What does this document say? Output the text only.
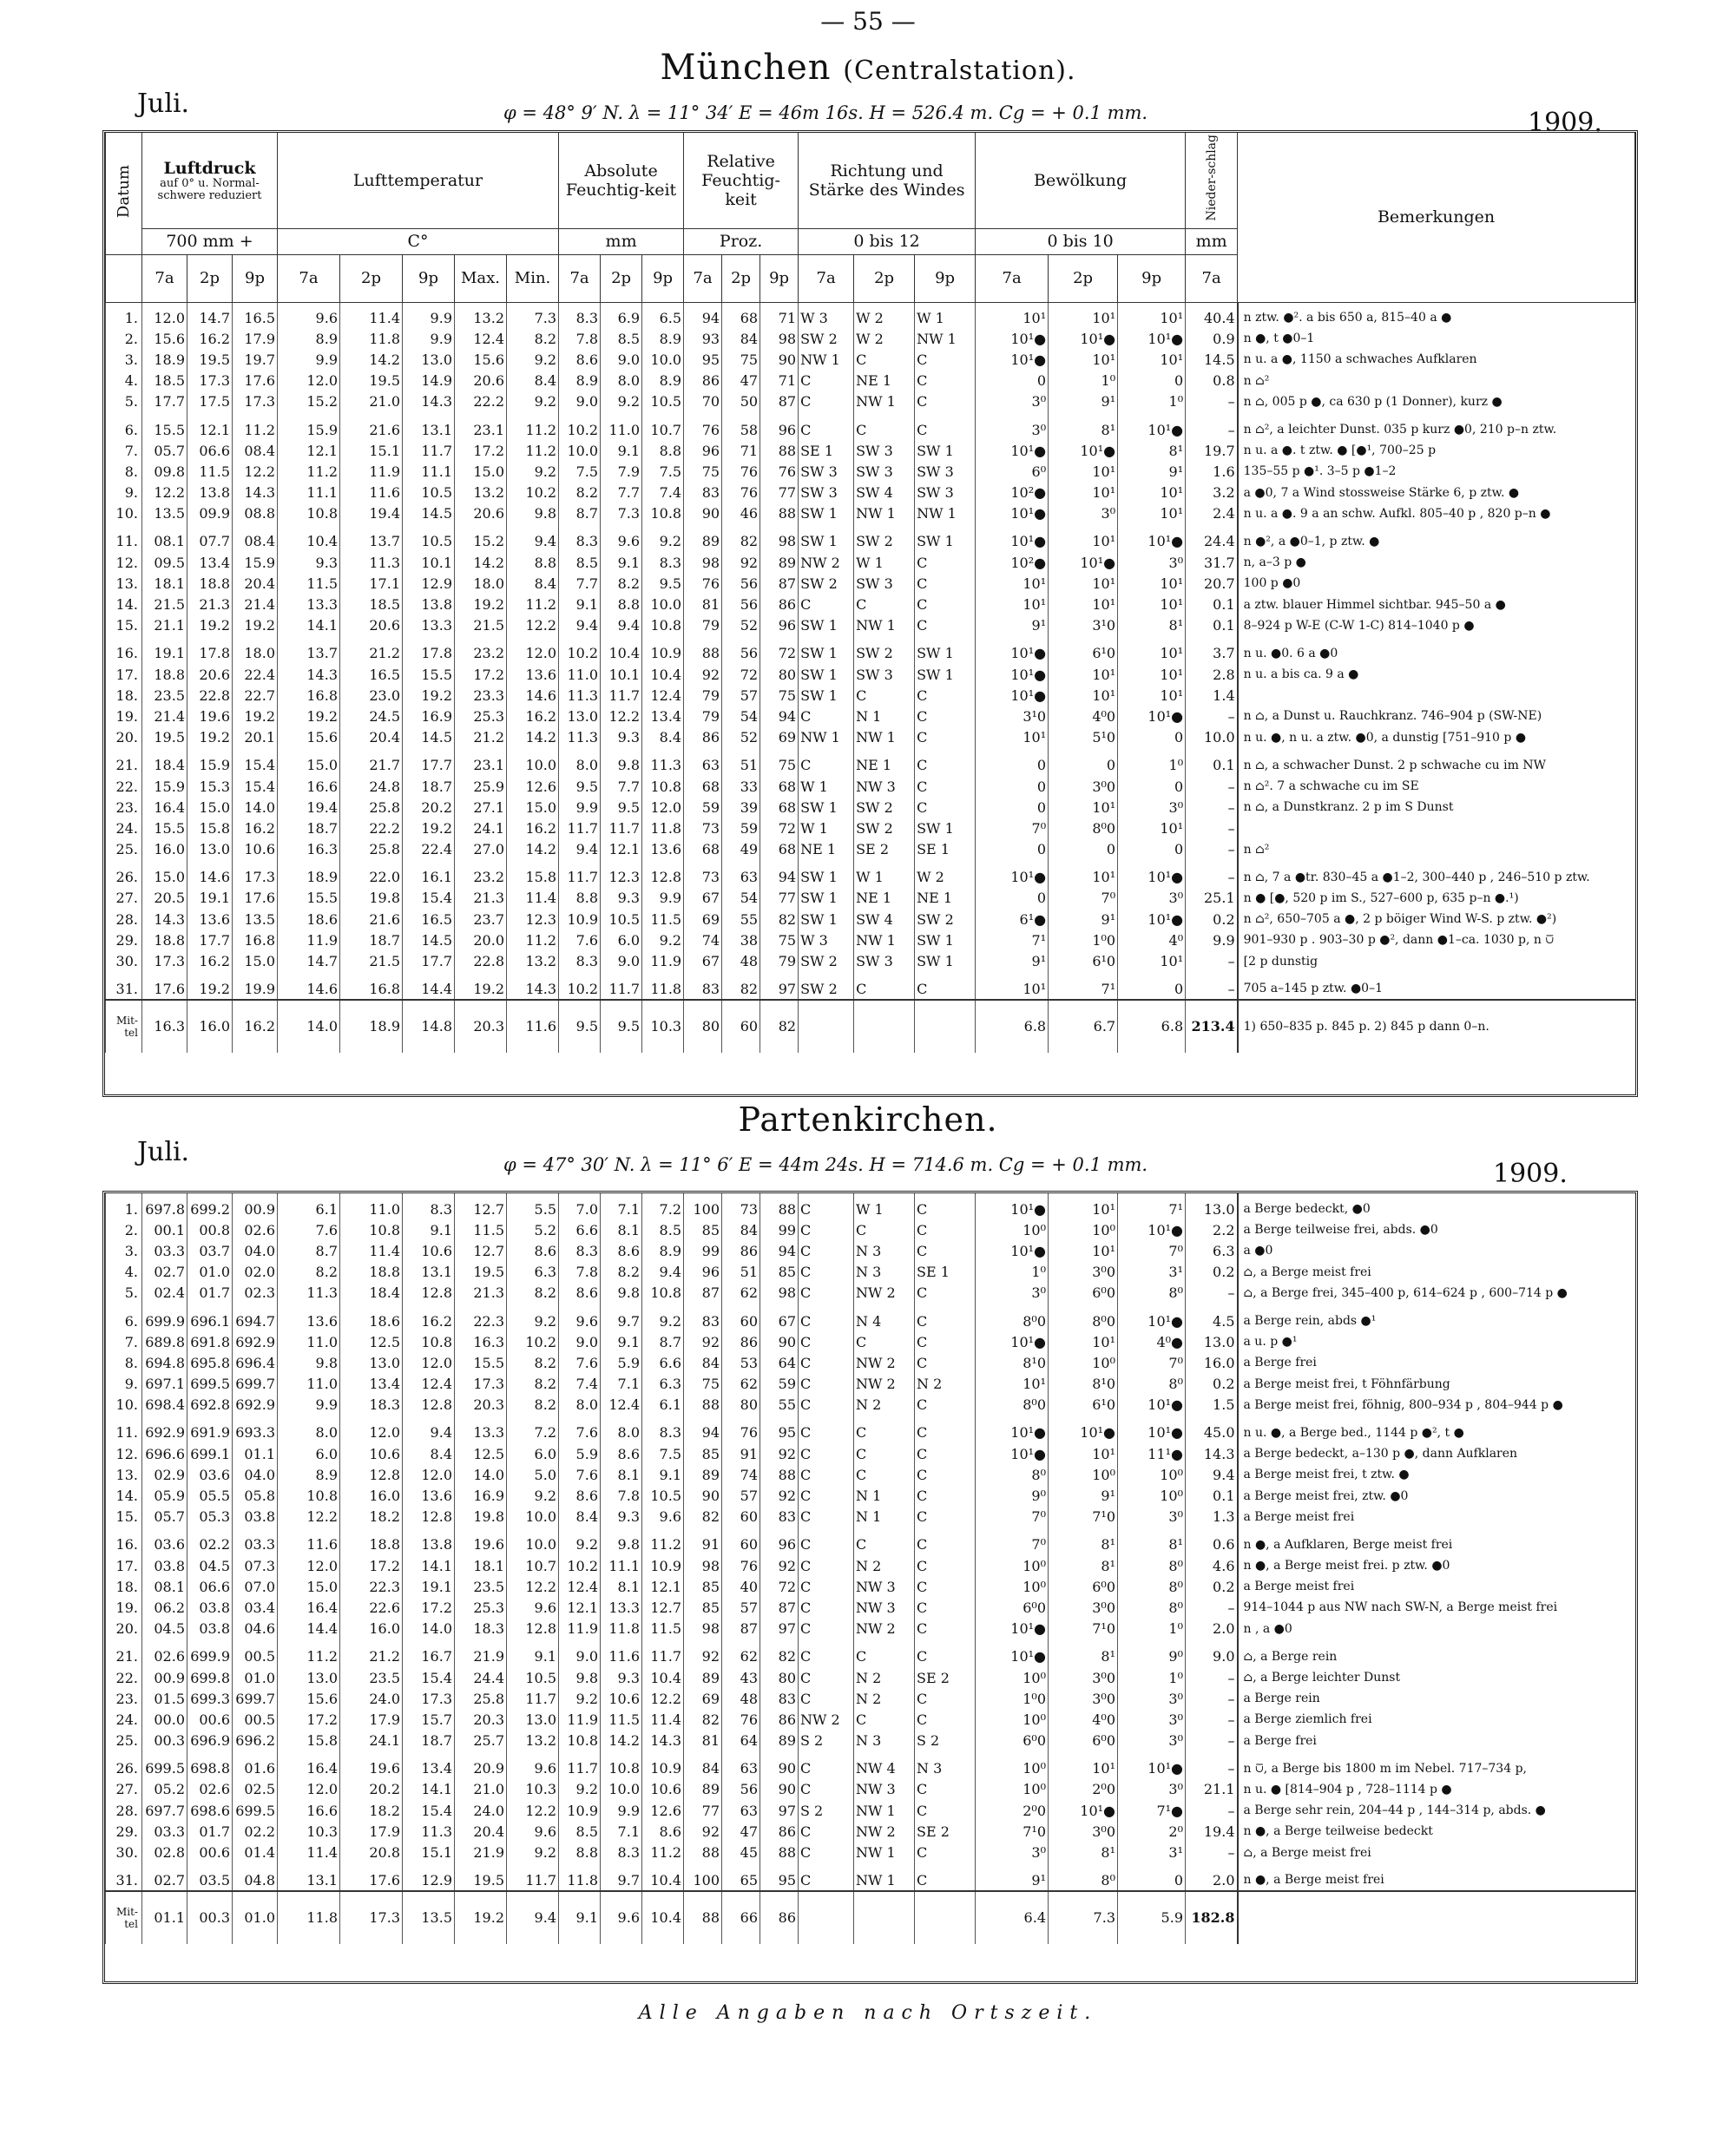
— 55 —
München (Centralstation).
Juli.	φ = 48° 9′ N. λ = 11° 34′ E = 46m 16s. H = 526.4 m. Cg = + 0.1 mm.	1909.
Datum	Luftdruck
auf 0° u. Normal-schwere reduziert			Lufttemperatur					Absolute Feuchtig-keit			Relative Feuchtig-keit			Richtung und Stärke des Windes			Bewölkung			Nieder-schlag	Bemerkungen
	700 mm +			C°					mm			Proz.			0 bis 12			0 bis 10			mm	
	7a	2p	9p	7a	2p	9p	Max.	Min.	7a	2p	9p	7a	2p	9p	7a	2p	9p	7a	2p	9p	7a	

1.	12.0	14.7	16.5	9.6	11.4	9.9	13.2	7.3	8.3	6.9	6.5	94	68	71	W 3	W 2	W 1	10¹	10¹	10¹	40.4	n ztw. ●². a bis 650 a, 815–40 a ●
2.	15.6	16.2	17.9	8.9	11.8	9.9	12.4	8.2	7.8	8.5	8.9	93	84	98	SW 2	W 2	NW 1	10¹●	10¹●	10¹●	0.9	n ●, t ●0–1
3.	18.9	19.5	19.7	9.9	14.2	13.0	15.6	9.2	8.6	9.0	10.0	95	75	90	NW 1	C	C	10¹●	10¹	10¹	14.5	n u. a ●, 1150 a schwaches Aufklaren
4.	18.5	17.3	17.6	12.0	19.5	14.9	20.6	8.4	8.9	8.0	8.9	86	47	71	C	NE 1	C	0	1⁰	0	0.8	n ⌂²
5.	17.7	17.5	17.3	15.2	21.0	14.3	22.2	9.2	9.0	9.2	10.5	70	50	87	C	NW 1	C	3⁰	9¹	1⁰	–	n ⌂, 005 p ●, ca 630 p (1 Donner), kurz ●

6.	15.5	12.1	11.2	15.9	21.6	13.1	23.1	11.2	10.2	11.0	10.7	76	58	96	C	C	C	3⁰	8¹	10¹●	–	n ⌂², a leichter Dunst. 035 p kurz ●0, 210 p–n ztw.
7.	05.7	06.6	08.4	12.1	15.1	11.7	17.2	11.2	10.0	9.1	8.8	96	71	88	SE 1	SW 3	SW 1	10¹●	10¹●	8¹	19.7	n u. a ●. t ztw. ● [●¹, 700–25 p
8.	09.8	11.5	12.2	11.2	11.9	11.1	15.0	9.2	7.5	7.9	7.5	75	76	76	SW 3	SW 3	SW 3	6⁰	10¹	9¹	1.6	135–55 p ●¹. 3–5 p ●1–2
9.	12.2	13.8	14.3	11.1	11.6	10.5	13.2	10.2	8.2	7.7	7.4	83	76	77	SW 3	SW 4	SW 3	10²●	10¹	10¹	3.2	a ●0, 7 a Wind stossweise Stärke 6, p ztw. ●
10.	13.5	09.9	08.8	10.8	19.4	14.5	20.6	9.8	8.7	7.3	10.8	90	46	88	SW 1	NW 1	NW 1	10¹●	3⁰	10¹	2.4	n u. a ●. 9 a an schw. Aufkl. 805–40 p , 820 p–n ●

11.	08.1	07.7	08.4	10.4	13.7	10.5	15.2	9.4	8.3	9.6	9.2	89	82	98	SW 1	SW 2	SW 1	10¹●	10¹	10¹●	24.4	n ●², a ●0–1, p ztw. ●
12.	09.5	13.4	15.9	9.3	11.3	10.1	14.2	8.8	8.5	9.1	8.3	98	92	89	NW 2	W 1	C	10²●	10¹●	3⁰	31.7	n, a–3 p ●
13.	18.1	18.8	20.4	11.5	17.1	12.9	18.0	8.4	7.7	8.2	9.5	76	56	87	SW 2	SW 3	C	10¹	10¹	10¹	20.7	100 p ●0
14.	21.5	21.3	21.4	13.3	18.5	13.8	19.2	11.2	9.1	8.8	10.0	81	56	86	C	C	C	10¹	10¹	10¹	0.1	a ztw. blauer Himmel sichtbar. 945–50 a ●
15.	21.1	19.2	19.2	14.1	20.6	13.3	21.5	12.2	9.4	9.4	10.8	79	52	96	SW 1	NW 1	C	9¹	3¹0	8¹	0.1	8–924 p W-E (C-W 1-C) 814–1040 p ●

16.	19.1	17.8	18.0	13.7	21.2	17.8	23.2	12.0	10.2	10.4	10.9	88	56	72	SW 1	SW 2	SW 1	10¹●	6¹0	10¹	3.7	n u. ●0. 6 a ●0
17.	18.8	20.6	22.4	14.3	16.5	15.5	17.2	13.6	11.0	10.1	10.4	92	72	80	SW 1	SW 3	SW 1	10¹●	10¹	10¹	2.8	n u. a bis ca. 9 a ●
18.	23.5	22.8	22.7	16.8	23.0	19.2	23.3	14.6	11.3	11.7	12.4	79	57	75	SW 1	C	C	10¹●	10¹	10¹	1.4	
19.	21.4	19.6	19.2	19.2	24.5	16.9	25.3	16.2	13.0	12.2	13.4	79	54	94	C	N 1	C	3¹0	4⁰0	10¹●	–	n ⌂, a Dunst u. Rauchkranz. 746–904 p (SW-NE)
20.	19.5	19.2	20.1	15.6	20.4	14.5	21.2	14.2	11.3	9.3	8.4	86	52	69	NW 1	NW 1	C	10¹	5¹0	0	10.0	n u. ●, n u. a ztw. ●0, a dunstig [751–910 p ●

21.	18.4	15.9	15.4	15.0	21.7	17.7	23.1	10.0	8.0	9.8	11.3	63	51	75	C	NE 1	C	0	0	1⁰	0.1	n ⌂, a schwacher Dunst. 2 p schwache cu im NW
22.	15.9	15.3	15.4	16.6	24.8	18.7	25.9	12.6	9.5	7.7	10.8	68	33	68	W 1	NW 3	C	0	3⁰0	0	–	n ⌂². 7 a schwache cu im SE
23.	16.4	15.0	14.0	19.4	25.8	20.2	27.1	15.0	9.9	9.5	12.0	59	39	68	SW 1	SW 2	C	0	10¹	3⁰	–	n ⌂, a Dunstkranz. 2 p im S Dunst
24.	15.5	15.8	16.2	18.7	22.2	19.2	24.1	16.2	11.7	11.7	11.8	73	59	72	W 1	SW 2	SW 1	7⁰	8⁰0	10¹	–	
25.	16.0	13.0	10.6	16.3	25.8	22.4	27.0	14.2	9.4	12.1	13.6	68	49	68	NE 1	SE 2	SE 1	0	0	0	–	n ⌂²

26.	15.0	14.6	17.3	18.9	22.0	16.1	23.2	15.8	11.7	12.3	12.8	73	63	94	SW 1	W 1	W 2	10¹●	10¹	10¹●	–	n ⌂, 7 a ●tr. 830–45 a ●1–2, 300–440 p , 246–510 p ztw.
27.	20.5	19.1	17.6	15.5	19.8	15.4	21.3	11.4	8.8	9.3	9.9	67	54	77	SW 1	NE 1	NE 1	0	7⁰	3⁰	25.1	n ● [●, 520 p im S., 527–600 p, 635 p–n ●.¹)
28.	14.3	13.6	13.5	18.6	21.6	16.5	23.7	12.3	10.9	10.5	11.5	69	55	82	SW 1	SW 4	SW 2	6¹●	9¹	10¹●	0.2	n ⌂², 650–705 a ●, 2 p böiger Wind W-S. p ztw. ●²)
29.	18.8	17.7	16.8	11.9	18.7	14.5	20.0	11.2	7.6	6.0	9.2	74	38	75	W 3	NW 1	SW 1	7¹	1⁰0	4⁰	9.9	901–930 p . 903–30 p ●², dann ●1–ca. 1030 p, n ⩂
30.	17.3	16.2	15.0	14.7	21.5	17.7	22.8	13.2	8.3	9.0	11.9	67	48	79	SW 2	SW 3	SW 1	9¹	6¹0	10¹	–	[2 p dunstig

31.	17.6	19.2	19.9	14.6	16.8	14.4	19.2	14.3	10.2	11.7	11.8	83	82	97	SW 2	C	C	10¹	7¹	0	–	705 a–145 p ztw. ●0–1
Mit-tel	16.3	16.0	16.2	14.0	18.9	14.8	20.3	11.6	9.5	9.5	10.3	80	60	82				6.8	6.7	6.8	213.4	1) 650–835 p. 845 p. 2) 845 p dann 0–n.
Partenkirchen.
Juli.	φ = 47° 30′ N. λ = 11° 6′ E = 44m 24s. H = 714.6 m. Cg = + 0.1 mm.	1909.

1.	697.8	699.2	00.9	6.1	11.0	8.3	12.7	5.5	7.0	7.1	7.2	100	73	88	C	W 1	C	10¹●	10¹	7¹	13.0	a Berge bedeckt, ●0
2.	00.1	00.8	02.6	7.6	10.8	9.1	11.5	5.2	6.6	8.1	8.5	85	84	99	C	C	C	10⁰	10⁰	10¹●	2.2	a Berge teilweise frei, abds. ●0
3.	03.3	03.7	04.0	8.7	11.4	10.6	12.7	8.6	8.3	8.6	8.9	99	86	94	C	N 3	C	10¹●	10¹	7⁰	6.3	a ●0
4.	02.7	01.0	02.0	8.2	18.8	13.1	19.5	6.3	7.8	8.2	9.4	96	51	85	C	N 3	SE 1	1⁰	3⁰0	3¹	0.2	⌂, a Berge meist frei
5.	02.4	01.7	02.3	11.3	18.4	12.8	21.3	8.2	8.6	9.8	10.8	87	62	98	C	NW 2	C	3⁰	6⁰0	8⁰	–	⌂, a Berge frei, 345–400 p, 614–624 p , 600–714 p ●

6.	699.9	696.1	694.7	13.6	18.6	16.2	22.3	9.2	9.6	9.7	9.2	83	60	67	C	N 4	C	8⁰0	8⁰0	10¹●	4.5	a Berge rein, abds ●¹
7.	689.8	691.8	692.9	11.0	12.5	10.8	16.3	10.2	9.0	9.1	8.7	92	86	90	C	C	C	10¹●	10¹	4⁰●	13.0	a u. p ●¹
8.	694.8	695.8	696.4	9.8	13.0	12.0	15.5	8.2	7.6	5.9	6.6	84	53	64	C	NW 2	C	8¹0	10⁰	7⁰	16.0	a Berge frei
9.	697.1	699.5	699.7	11.0	13.4	12.4	17.3	8.2	7.4	7.1	6.3	75	62	59	C	NW 2	N 2	10¹	8¹0	8⁰	0.2	a Berge meist frei, t Föhnfärbung
10.	698.4	692.8	692.9	9.9	18.3	12.8	20.3	8.2	8.0	12.4	6.1	88	80	55	C	N 2	C	8⁰0	6¹0	10¹●	1.5	a Berge meist frei, föhnig, 800–934 p , 804–944 p ●

11.	692.9	691.9	693.3	8.0	12.0	9.4	13.3	7.2	7.6	8.0	8.3	94	76	95	C	C	C	10¹●	10¹●	10¹●	45.0	n u. ●, a Berge bed., 1144 p ●², t ●
12.	696.6	699.1	01.1	6.0	10.6	8.4	12.5	6.0	5.9	8.6	7.5	85	91	92	C	C	C	10¹●	10¹	11¹●	14.3	a Berge bedeckt, a–130 p ●, dann Aufklaren
13.	02.9	03.6	04.0	8.9	12.8	12.0	14.0	5.0	7.6	8.1	9.1	89	74	88	C	C	C	8⁰	10⁰	10⁰	9.4	a Berge meist frei, t ztw. ●
14.	05.9	05.5	05.8	10.8	16.0	13.6	16.9	9.2	8.6	7.8	10.5	90	57	92	C	N 1	C	9⁰	9¹	10⁰	0.1	a Berge meist frei, ztw. ●0
15.	05.7	05.3	03.8	12.2	18.2	12.8	19.8	10.0	8.4	9.3	9.6	82	60	83	C	N 1	C	7⁰	7¹0	3⁰	1.3	a Berge meist frei

16.	03.6	02.2	03.3	11.6	18.8	13.8	19.6	10.0	9.2	9.8	11.2	91	60	96	C	C	C	7⁰	8¹	8¹	0.6	n ●, a Aufklaren, Berge meist frei
17.	03.8	04.5	07.3	12.0	17.2	14.1	18.1	10.7	10.2	11.1	10.9	98	76	92	C	N 2	C	10⁰	8¹	8⁰	4.6	n ●, a Berge meist frei. p ztw. ●0
18.	08.1	06.6	07.0	15.0	22.3	19.1	23.5	12.2	12.4	8.1	12.1	85	40	72	C	NW 3	C	10⁰	6⁰0	8⁰	0.2	a Berge meist frei
19.	06.2	03.8	03.4	16.4	22.6	17.2	25.3	9.6	12.1	13.3	12.7	85	57	87	C	NW 3	C	6⁰0	3⁰0	8⁰	–	914–1044 p aus NW nach SW-N, a Berge meist frei
20.	04.5	03.8	04.6	14.4	16.0	14.0	18.3	12.8	11.9	11.8	11.5	98	87	97	C	NW 2	C	10¹●	7¹0	1⁰	2.0	n , a ●0

21.	02.6	699.9	00.5	11.2	21.2	16.7	21.9	9.1	9.0	11.6	11.7	92	62	82	C	C	C	10¹●	8¹	9⁰	9.0	⌂, a Berge rein
22.	00.9	699.8	01.0	13.0	23.5	15.4	24.4	10.5	9.8	9.3	10.4	89	43	80	C	N 2	SE 2	10⁰	3⁰0	1⁰	–	⌂, a Berge leichter Dunst
23.	01.5	699.3	699.7	15.6	24.0	17.3	25.8	11.7	9.2	10.6	12.2	69	48	83	C	N 2	C	1⁰0	3⁰0	3⁰	–	a Berge rein
24.	00.0	00.6	00.5	17.2	17.9	15.7	20.3	13.0	11.9	11.5	11.4	82	76	86	NW 2	C	C	10⁰	4⁰0	3⁰	–	a Berge ziemlich frei
25.	00.3	696.9	696.2	15.8	24.1	18.7	25.7	13.2	10.8	14.2	14.3	81	64	89	S 2	N 3	S 2	6⁰0	6⁰0	3⁰	–	a Berge frei

26.	699.5	698.8	01.6	16.4	19.6	13.4	20.9	9.6	11.7	10.8	10.9	84	63	90	C	NW 4	N 3	10⁰	10¹	10¹●	–	n ⩂, a Berge bis 1800 m im Nebel. 717–734 p,
27.	05.2	02.6	02.5	12.0	20.2	14.1	21.0	10.3	9.2	10.0	10.6	89	56	90	C	NW 3	C	10⁰	2⁰0	3⁰	21.1	n u. ● [814–904 p , 728–1114 p ●
28.	697.7	698.6	699.5	16.6	18.2	15.4	24.0	12.2	10.9	9.9	12.6	77	63	97	S 2	NW 1	C	2⁰0	10¹●	7¹●	–	a Berge sehr rein, 204–44 p , 144–314 p, abds. ●
29.	03.3	01.7	02.2	10.3	17.9	11.3	20.4	9.6	8.5	7.1	8.6	92	47	86	C	NW 2	SE 2	7¹0	3⁰0	2⁰	19.4	n ●, a Berge teilweise bedeckt
30.	02.8	00.6	01.4	11.4	20.8	15.1	21.9	9.2	8.8	8.3	11.2	88	45	88	C	NW 1	C	3⁰	8¹	3¹	–	⌂, a Berge meist frei

31.	02.7	03.5	04.8	13.1	17.6	12.9	19.5	11.7	11.8	9.7	10.4	100	65	95	C	NW 1	C	9¹	8⁰	0	2.0	n ●, a Berge meist frei
Mit-tel	01.1	00.3	01.0	11.8	17.3	13.5	19.2	9.4	9.1	9.6	10.4	88	66	86				6.4	7.3	5.9	182.8	
Alle Angaben nach Ortszeit.
